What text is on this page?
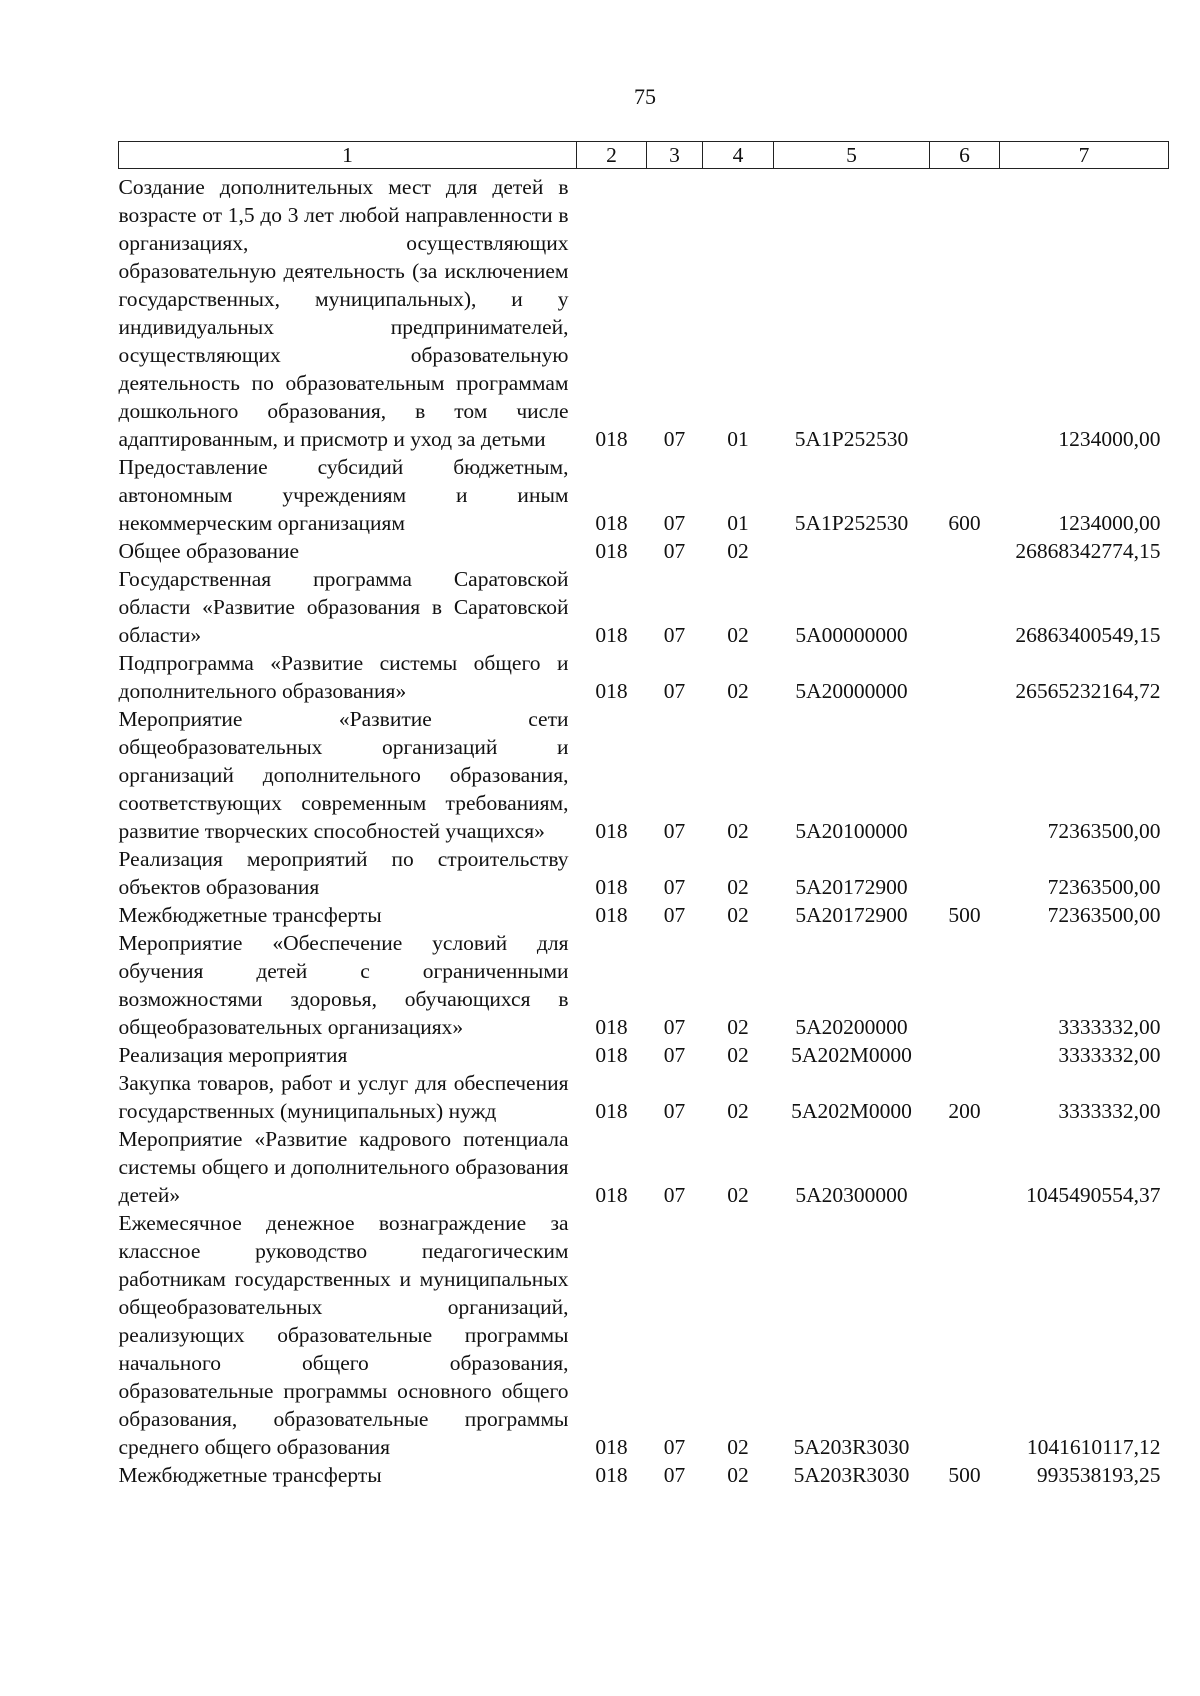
75
1	2	3	4	5	6	7

Создание дополнительных мест для детей в возрасте от 1,5 до 3 лет любой направленности в организациях, осуществляющих образовательную деятельность (за исключением государственных, муниципальных), и у индивидуальных предпринимателей, осуществляющих образовательную деятельность по образовательным программам дошкольного образования, в том числе адаптированным, и присмотр и уход за детьми	018	07	01	5А1Р252530		1234000,00
Предоставление субсидий бюджетным, автономным учреждениям и иным некоммерческим организациям	018	07	01	5А1Р252530	600	1234000,00
Общее образование	018	07	02			26868342774,15
Государственная программа Саратовской области «Развитие образования в Саратовской области»	018	07	02	5А00000000		26863400549,15
Подпрограмма «Развитие системы общего и дополнительного образования»	018	07	02	5А20000000		26565232164,72
Мероприятие «Развитие сети общеобразовательных организаций и организаций дополнительного образования, соответствующих современным требованиям, развитие творческих способностей учащихся»	018	07	02	5А20100000		72363500,00
Реализация мероприятий по строительству объектов образования	018	07	02	5А20172900		72363500,00
Межбюджетные трансферты	018	07	02	5А20172900	500	72363500,00
Мероприятие «Обеспечение условий для обучения детей с ограниченными возможностями здоровья, обучающихся в общеобразовательных организациях»	018	07	02	5А20200000		3333332,00
Реализация мероприятия	018	07	02	5А202М0000		3333332,00
Закупка товаров, работ и услуг для обеспечения государственных (муниципальных) нужд	018	07	02	5А202М0000	200	3333332,00
Мероприятие «Развитие кадрового потенциала системы общего и дополнительного образования детей»	018	07	02	5А20300000		1045490554,37
Ежемесячное денежное вознаграждение за классное руководство педагогическим работникам государственных и муниципальных общеобразовательных организаций, реализующих образовательные программы начального общего образования, образовательные программы основного общего образования, образовательные программы среднего общего образования	018	07	02	5А203R3030		1041610117,12
Межбюджетные трансферты	018	07	02	5А203R3030	500	993538193,25
